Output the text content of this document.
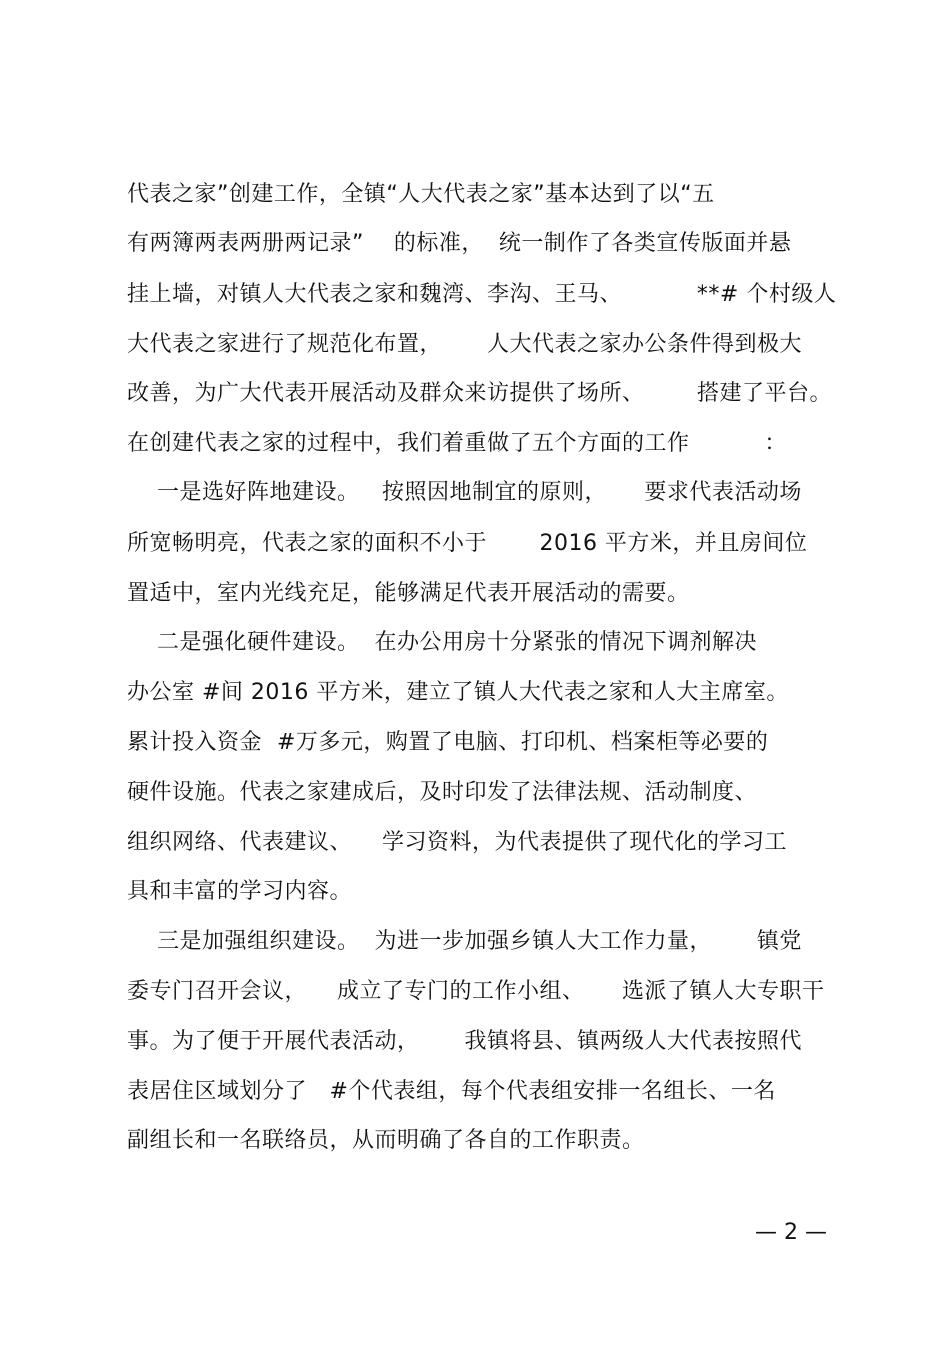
代表之家”创建工作，全镇“人大代表之家”基本达到了以“五
有两簿两表两册两记录”    的标准，  统一制作了各类宣传版面并悬
挂上墙，对镇人大代表之家和魏湾、李沟、王马、          **# 个村级人
大代表之家进行了规范化布置，      人大代表之家办公条件得到极大
改善，为广大代表开展活动及群众来访提供了场所、       搭建了平台。
在创建代表之家的过程中，我们着重做了五个方面的工作          ：
一是选好阵地建设。   按照因地制宜的原则，     要求代表活动场
所宽畅明亮，代表之家的面积不小于       2016 平方米，并且房间位
置适中，室内光线充足，能够满足代表开展活动的需要。
二是强化硬件建设。  在办公用房十分紧张的情况下调剂解决
办公室 #间 2016 平方米，建立了镇人大代表之家和人大主席室。
累计投入资金  #万多元，购置了电脑、打印机、档案柜等必要的
硬件设施。代表之家建成后，及时印发了法律法规、活动制度、
组织网络、代表建议、    学习资料，为代表提供了现代化的学习工
具和丰富的学习内容。
三是加强组织建设。  为进一步加强乡镇人大工作力量，      镇党
委专门召开会议，    成立了专门的工作小组、     选派了镇人大专职干
事。为了便于开展代表活动，      我镇将县、镇两级人大代表按照代
表居住区域划分了   #个代表组，每个代表组安排一名组长、一名
副组长和一名联络员，从而明确了各自的工作职责。
— 2 —
